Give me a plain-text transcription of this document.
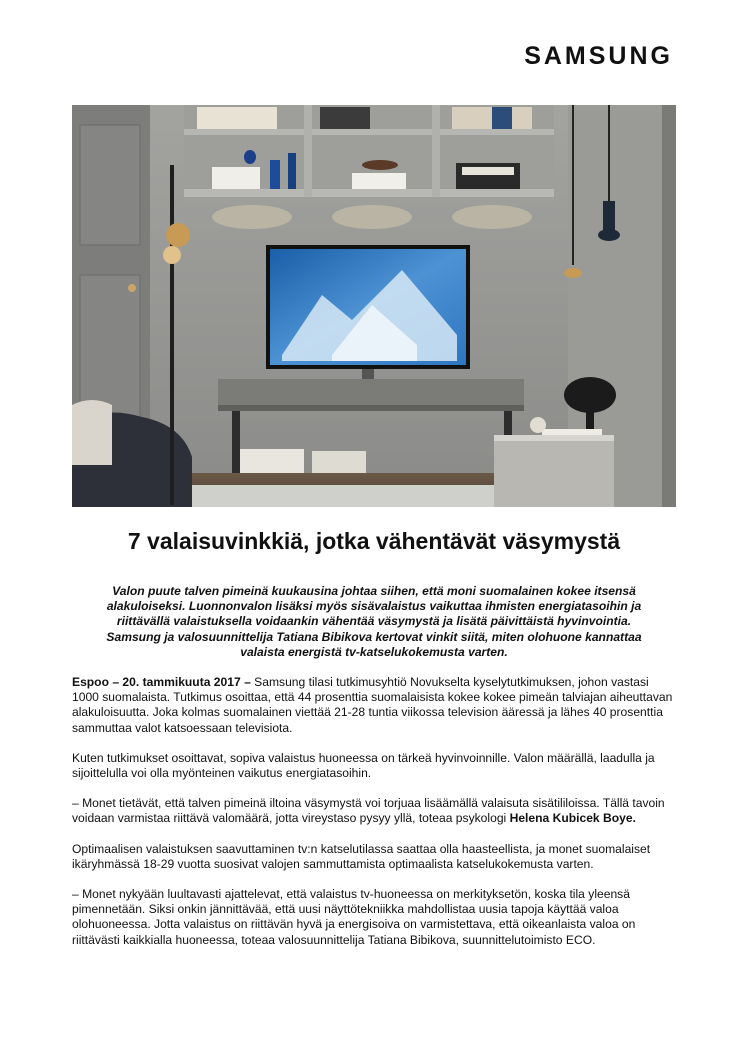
SAMSUNG
7 valaisuvinkkiä, jotka vähentävät väsymystä

Valon puute talven pimeinä kuukausina johtaa siihen, että moni suomalainen kokee itsensä alakuloiseksi. Luonnonvalon lisäksi myös sisävalaistus vaikuttaa ihmisten energiatasoihin ja riittävällä valaistuksella voidaankin vähentää väsymystä ja lisätä päivittäistä hyvinvointia. Samsung ja valosuunnittelija Tatiana Bibikova kertovat vinkit siitä, miten olohuone kannattaa valaista energistä tv-katselukokemusta varten.

Espoo – 20. tammikuuta 2017 – Samsung tilasi tutkimusyhtiö Novukselta kyselytutkimuksen, johon vastasi 1000 suomalaista. Tutkimus osoittaa, että 44 prosenttia suomalaisista kokee kokee pimeän talviajan aiheuttavan alakuloisuutta. Joka kolmas suomalainen viettää 21-28 tuntia viikossa television ääressä ja lähes 40 prosenttia sammuttaa valot katsoessaan televisiota.

Kuten tutkimukset osoittavat, sopiva valaistus huoneessa on tärkeä hyvinvoinnille. Valon määrällä, laadulla ja sijoittelulla voi olla myönteinen vaikutus energiatasoihin.

– Monet tietävät, että talven pimeinä iltoina väsymystä voi torjuaa lisäämällä valaisuta sisätililoissa. Tällä tavoin voidaan varmistaa riittävä valomäärä, jotta vireystaso pysyy yllä, toteaa psykologi Helena Kubicek Boye.

Optimaalisen valaistuksen saavuttaminen tv:n katselutilassa saattaa olla haasteellista, ja monet suomalaiset ikäryhmässä 18-29 vuotta suosivat valojen sammuttamista optimaalista katselukokemusta varten.

– Monet nykyään luultavasti ajattelevat, että valaistus tv-huoneessa on merkityksetön, koska tila yleensä pimennetään. Siksi onkin jännittävää, että uusi näyttötekniikka mahdollistaa uusia tapoja käyttää valoa olohuoneessa. Jotta valaistus on riittävän hyvä ja energisoiva on varmistettava, että oikeanlaista valoa on riittävästi kaikkialla huoneessa, toteaa valosuunnittelija Tatiana Bibikova, suunnittelutoimisto ECO.
